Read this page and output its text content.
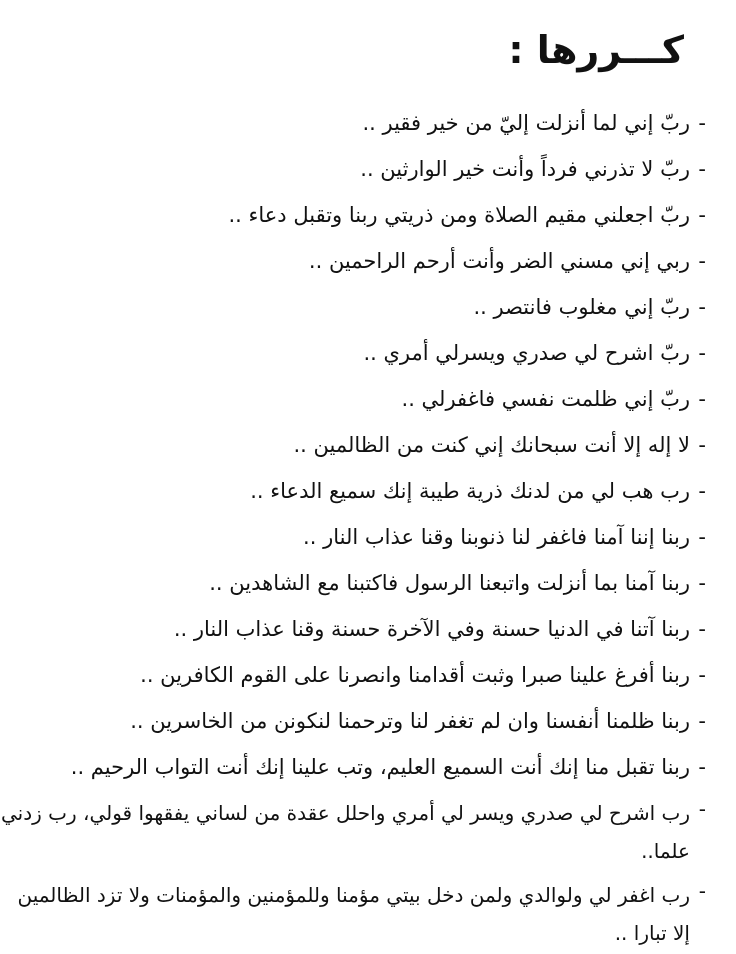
كـــررها :
- ربّ إني لما أنزلت إليّ من خير فقير ..
- ربّ لا تذرني فرداً وأنت خير الوارثين ..
- ربّ اجعلني مقيم الصلاة ومن ذريتي ربنا وتقبل دعاء ..
- ربي إني مسني الضر وأنت أرحم الراحمين ..
- ربّ إني مغلوب فانتصر ..
- ربّ اشرح لي صدري ويسرلي أمري ..
- ربّ إني ظلمت نفسي فاغفرلي ..
- لا إله إلا أنت سبحانك إني كنت من الظالمين ..
- رب هب لي من لدنك ذرية طيبة إنك سميع الدعاء ..
- ربنا إننا آمنا فاغفر لنا ذنوبنا وقنا عذاب النار ..
- ربنا آمنا بما أنزلت واتبعنا الرسول فاكتبنا مع الشاهدين ..
- ربنا آتنا في الدنيا حسنة وفي الآخرة حسنة وقنا عذاب النار ..
- ربنا أفرغ علينا صبرا وثبت أقدامنا وانصرنا على القوم الكافرين ..
- ربنا ظلمنا أنفسنا وان لم تغفر لنا وترحمنا لنكونن من الخاسرين ..
- ربنا تقبل منا إنك أنت السميع العليم، وتب علينا إنك أنت التواب الرحيم ..
- رب اشرح لي صدري ويسر لي أمري واحلل عقدة من لساني يفقهوا قولي، رب زدني علما..
- رب اغفر لي ولوالدي ولمن دخل بيتي مؤمنا وللمؤمنين والمؤمنات ولا تزد الظالمين إلا تبارا ..
